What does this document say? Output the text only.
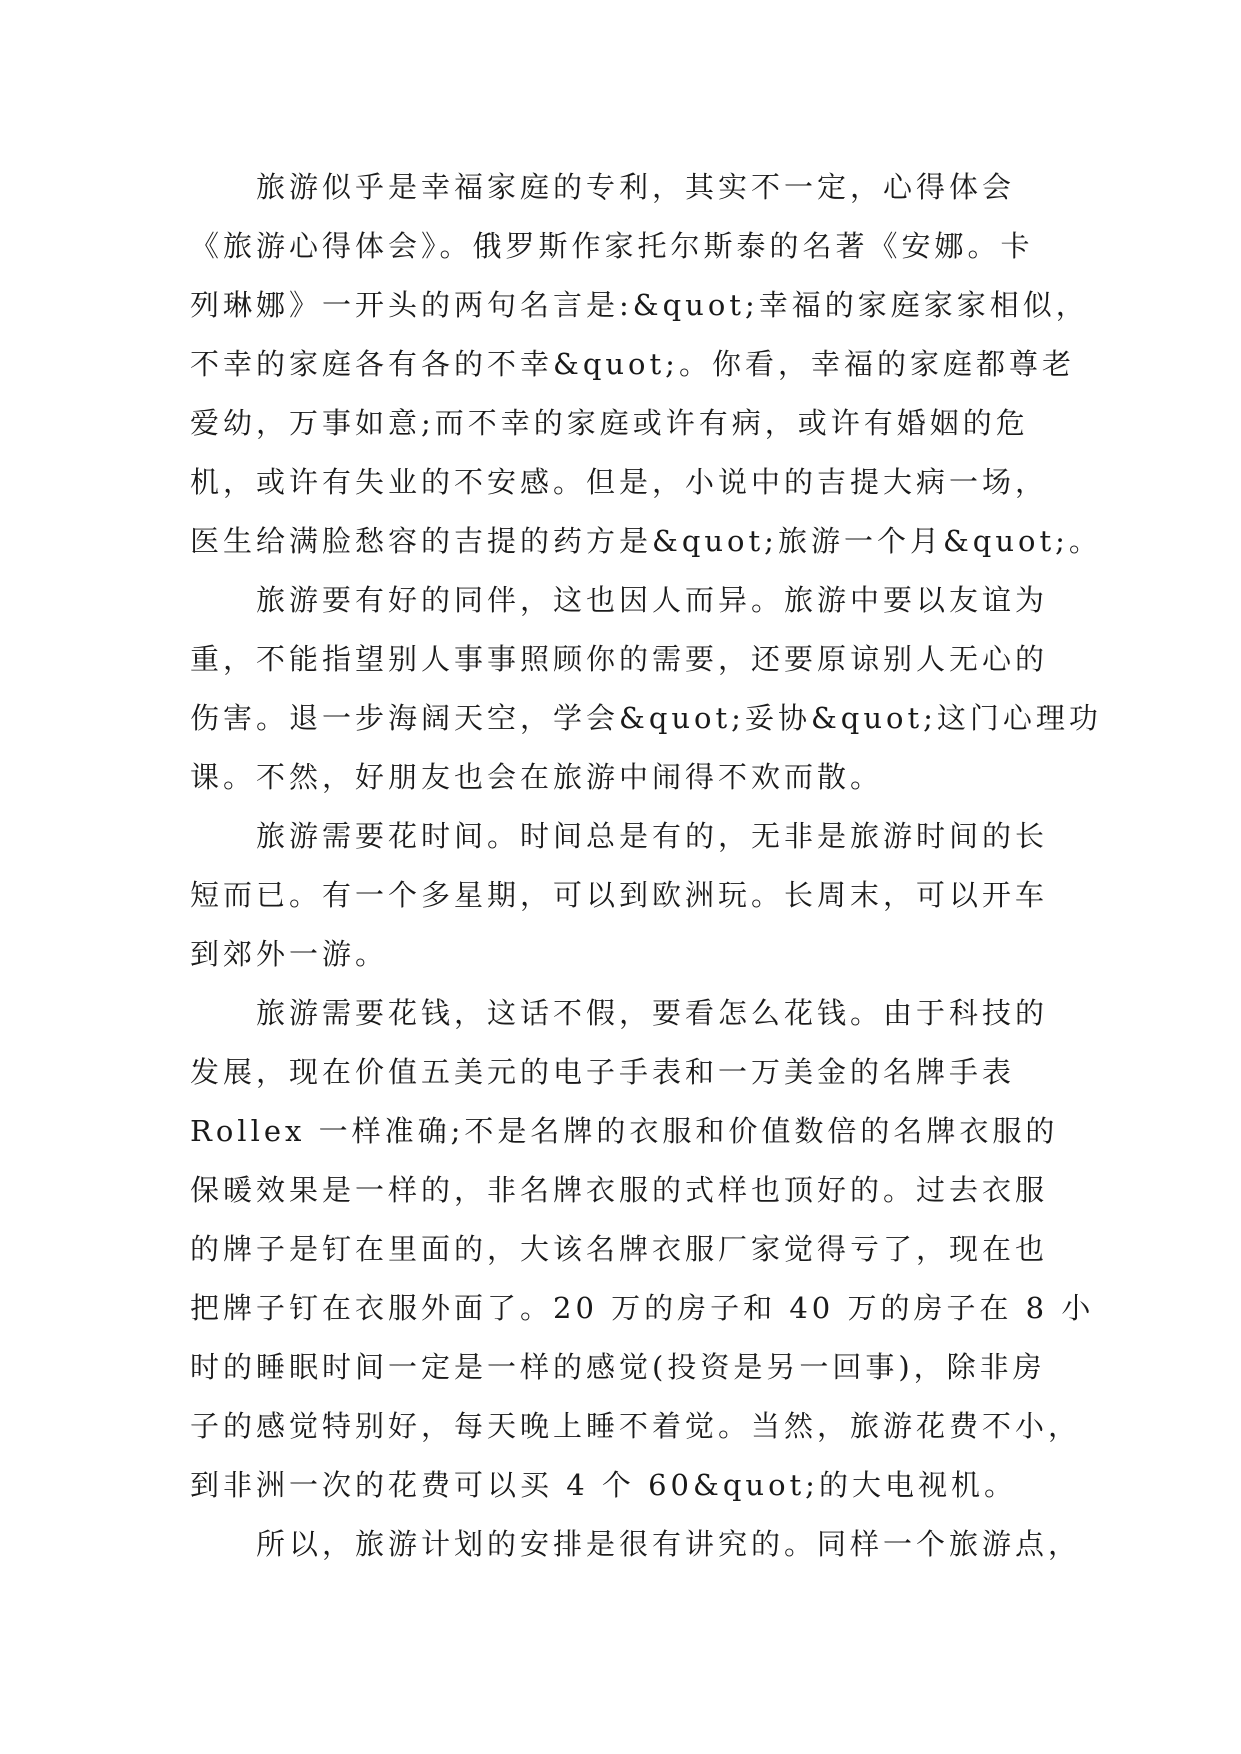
旅游似乎是幸福家庭的专利，其实不一定，心得体会
《旅游心得体会》。俄罗斯作家托尔斯泰的名著《安娜。卡
列琳娜》一开头的两句名言是:&quot;幸福的家庭家家相似，
不幸的家庭各有各的不幸&quot;。你看，幸福的家庭都尊老
爱幼，万事如意;而不幸的家庭或许有病，或许有婚姻的危
机，或许有失业的不安感。但是，小说中的吉提大病一场，
医生给满脸愁容的吉提的药方是&quot;旅游一个月&quot;。
旅游要有好的同伴，这也因人而异。旅游中要以友谊为
重，不能指望别人事事照顾你的需要，还要原谅别人无心的
伤害。退一步海阔天空，学会&quot;妥协&quot;这门心理功
课。不然，好朋友也会在旅游中闹得不欢而散。
旅游需要花时间。时间总是有的，无非是旅游时间的长
短而已。有一个多星期，可以到欧洲玩。长周末，可以开车
到郊外一游。
旅游需要花钱，这话不假，要看怎么花钱。由于科技的
发展，现在价值五美元的电子手表和一万美金的名牌手表
Rollex 一样准确;不是名牌的衣服和价值数倍的名牌衣服的
保暖效果是一样的，非名牌衣服的式样也顶好的。过去衣服
的牌子是钉在里面的，大该名牌衣服厂家觉得亏了，现在也
把牌子钉在衣服外面了。20 万的房子和 40 万的房子在 8 小
时的睡眠时间一定是一样的感觉(投资是另一回事)，除非房
子的感觉特别好，每天晚上睡不着觉。当然，旅游花费不小，
到非洲一次的花费可以买 4 个 60&quot;的大电视机。
所以，旅游计划的安排是很有讲究的。同样一个旅游点，
